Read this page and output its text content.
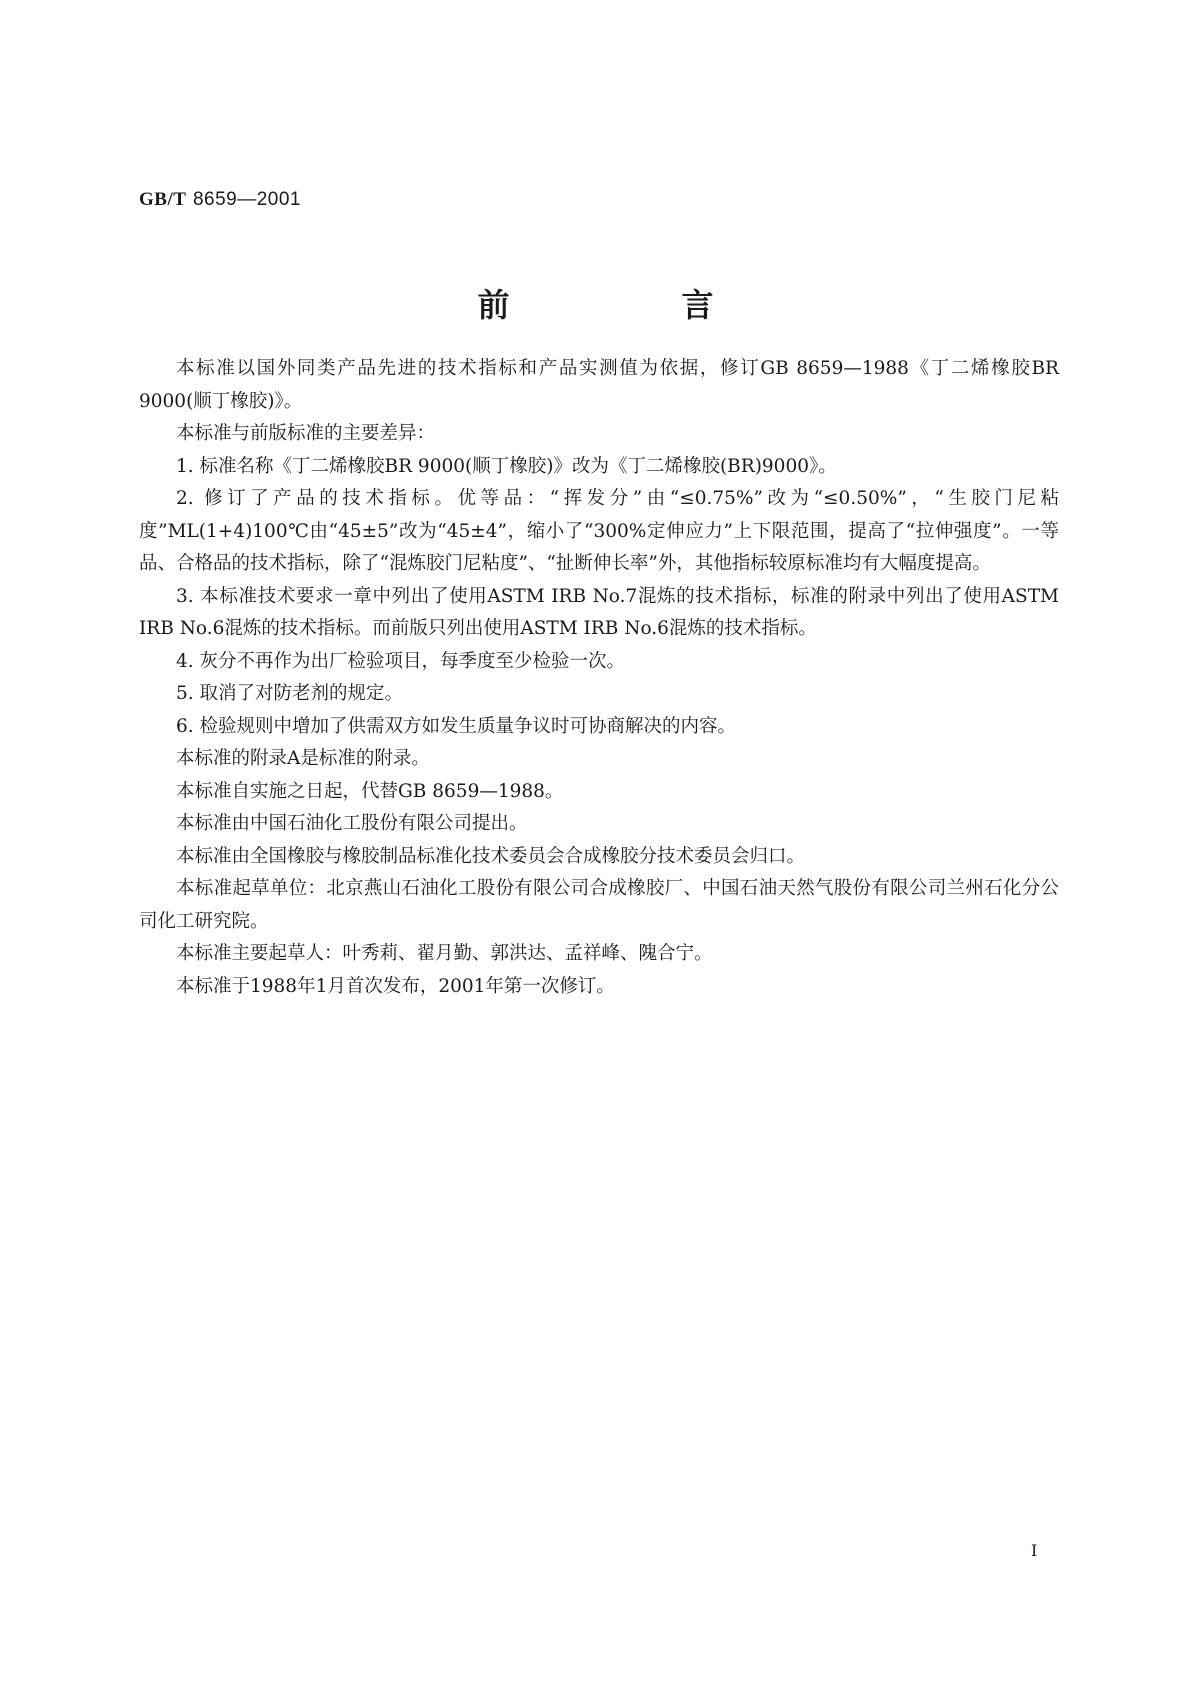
GB/T 8659—2001
前　言

本标准以国外同类产品先进的技术指标和产品实测值为依据，修订GB 8659—1988《丁二烯橡胶BR 9000(顺丁橡胶)》。

本标准与前版标准的主要差异：

1. 标准名称《丁二烯橡胶BR 9000(顺丁橡胶)》改为《丁二烯橡胶(BR)9000》。

2. 修订了产品的技术指标。优等品：“挥发分”由“≤0.75%”改为“≤0.50%”，“生胶门尼粘度”ML(1+4)100℃由“45±5”改为“45±4”，缩小了“300%定伸应力”上下限范围，提高了“拉伸强度”。一等品、合格品的技术指标，除了“混炼胶门尼粘度”、“扯断伸长率”外，其他指标较原标准均有大幅度提高。

3. 本标准技术要求一章中列出了使用ASTM IRB No.7混炼的技术指标，标准的附录中列出了使用ASTM IRB No.6混炼的技术指标。而前版只列出使用ASTM IRB No.6混炼的技术指标。

4. 灰分不再作为出厂检验项目，每季度至少检验一次。

5. 取消了对防老剂的规定。

6. 检验规则中增加了供需双方如发生质量争议时可协商解决的内容。

本标准的附录A是标准的附录。

本标准自实施之日起，代替GB 8659—1988。

本标准由中国石油化工股份有限公司提出。

本标准由全国橡胶与橡胶制品标准化技术委员会合成橡胶分技术委员会归口。

本标准起草单位：北京燕山石油化工股份有限公司合成橡胶厂、中国石油天然气股份有限公司兰州石化分公司化工研究院。

本标准主要起草人：叶秀莉、翟月勤、郭洪达、孟祥峰、隗合宁。

本标准于1988年1月首次发布，2001年第一次修订。

Ⅰ
